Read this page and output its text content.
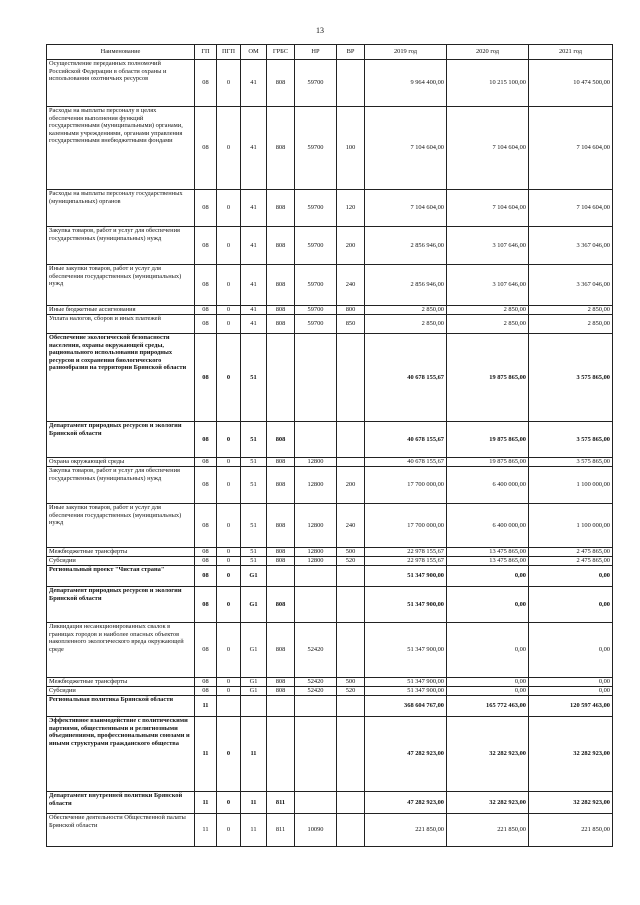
13
Наименование	ГП	ПГП	ОМ	ГРБС	НР	ВР	2019 год	2020 год	2021 год
Осуществление переданных полномочий Российской Федерации в области охраны и использования охотничьих ресурсов	08	0	41	808	59700		9 964 400,00	10 215 100,00	10 474 500,00
Расходы на выплаты персоналу в целях обеспечения выполнения функций государственными (муниципальными) органами, казенными учреждениями, органами управления государственными внебюджетными фондами	08	0	41	808	59700	100	7 104 604,00	7 104 604,00	7 104 604,00
Расходы на выплаты персоналу государственных (муниципальных) органов	08	0	41	808	59700	120	7 104 604,00	7 104 604,00	7 104 604,00
Закупка товаров, работ и услуг для обеспечения государственных (муниципальных) нужд	08	0	41	808	59700	200	2 856 946,00	3 107 646,00	3 367 046,00
Иные закупки товаров, работ и услуг для обеспечения государственных (муниципальных) нужд	08	0	41	808	59700	240	2 856 946,00	3 107 646,00	3 367 046,00
Иные бюджетные ассигнования	08	0	41	808	59700	800	2 850,00	2 850,00	2 850,00
Уплата налогов, сборов и иных платежей	08	0	41	808	59700	850	2 850,00	2 850,00	2 850,00
Обеспечение экологической безопасности населения, охраны окружающей среды, рационального использования природных ресурсов и сохранения биологического разнообразия на территории Брянской области	08	0	51				40 678 155,67	19 875 865,00	3 575 865,00
Департамент природных ресурсов и экологии Брянской области	08	0	51	808			40 678 155,67	19 875 865,00	3 575 865,00
Охрана окружающей среды	08	0	51	808	12800		40 678 155,67	19 875 865,00	3 575 865,00
Закупка товаров, работ и услуг для обеспечения государственных (муниципальных) нужд	08	0	51	808	12800	200	17 700 000,00	6 400 000,00	1 100 000,00
Иные закупки товаров, работ и услуг для обеспечения государственных (муниципальных) нужд	08	0	51	808	12800	240	17 700 000,00	6 400 000,00	1 100 000,00
Межбюджетные трансферты	08	0	51	808	12800	500	22 978 155,67	13 475 865,00	2 475 865,00
Субсидии	08	0	51	808	12800	520	22 978 155,67	13 475 865,00	2 475 865,00
Региональный проект "Чистая страна"	08	0	G1				51 347 900,00	0,00	0,00
Департамент природных ресурсов и экологии Брянской области	08	0	G1	808			51 347 900,00	0,00	0,00
Ликвидация несанкционированных свалок в границах городов и наиболее опасных объектов накопленного экологического вреда окружающей среде	08	0	G1	808	52420		51 347 900,00	0,00	0,00
Межбюджетные трансферты	08	0	G1	808	52420	500	51 347 900,00	0,00	0,00
Субсидии	08	0	G1	808	52420	520	51 347 900,00	0,00	0,00
Региональная политика Брянской области	11						368 604 767,00	165 772 463,00	120 597 463,00
Эффективное взаимодействие с политическими партиями, общественными и религиозными объединениями, профессиональными союзами и иными структурами гражданского общества	11	0	11				47 282 923,00	32 282 923,00	32 282 923,00
Департамент внутренней политики Брянской области	11	0	11	811			47 282 923,00	32 282 923,00	32 282 923,00
Обеспечение деятельности Общественной палаты Брянской области	11	0	11	811	10090		221 850,00	221 850,00	221 850,00
